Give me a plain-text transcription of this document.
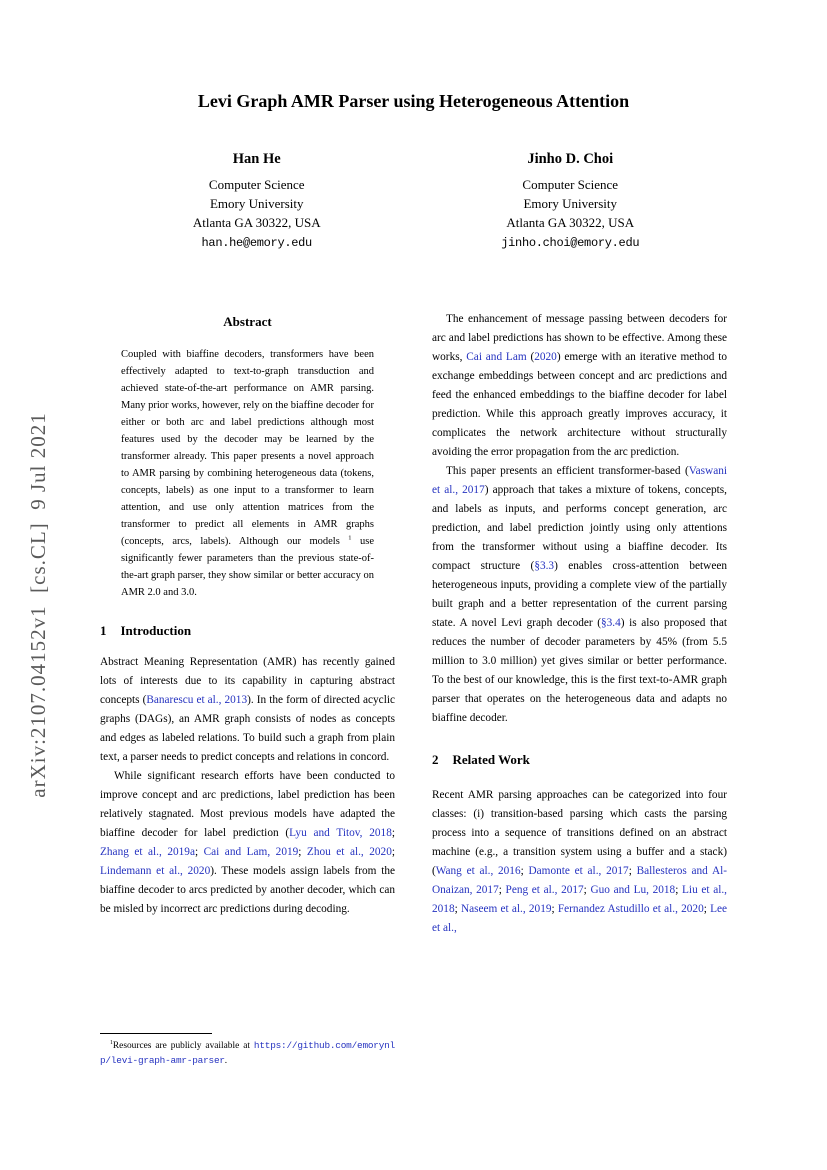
arXiv:2107.04152v1  [cs.CL]  9 Jul 2021
Levi Graph AMR Parser using Heterogeneous Attention
Han He
Computer Science
Emory University
Atlanta GA 30322, USA
han.he@emory.edu
Jinho D. Choi
Computer Science
Emory University
Atlanta GA 30322, USA
jinho.choi@emory.edu
Abstract
Coupled with biaffine decoders, transformers have been effectively adapted to text-to-graph transduction and achieved state-of-the-art performance on AMR parsing. Many prior works, however, rely on the biaffine decoder for either or both arc and label predictions although most features used by the decoder may be learned by the transformer already. This paper presents a novel approach to AMR parsing by combining heterogeneous data (tokens, concepts, labels) as one input to a transformer to learn attention, and use only attention matrices from the transformer to predict all elements in AMR graphs (concepts, arcs, labels). Although our models $^1$ use significantly fewer parameters than the previous state-of-the-art graph parser, they show similar or better accuracy on AMR 2.0 and 3.0.
1 Introduction
Abstract Meaning Representation (AMR) has recently gained lots of interests due to its capability in capturing abstract concepts (Banarescu et al., 2013). In the form of directed acyclic graphs (DAGs), an AMR graph consists of nodes as concepts and edges as labeled relations. To build such a graph from plain text, a parser needs to predict concepts and relations in concord.
While significant research efforts have been conducted to improve concept and arc predictions, label prediction has been relatively stagnated. Most previous models have adapted the biaffine decoder for label prediction (Lyu and Titov, 2018; Zhang et al., 2019a; Cai and Lam, 2019; Zhou et al., 2020; Lindemann et al., 2020). These models assign labels from the biaffine decoder to arcs predicted by another decoder, which can be misled by incorrect arc predictions during decoding.
$^1$Resources are publicly available at https://github.com/emorynlp/levi-graph-amr-parser.
The enhancement of message passing between decoders for arc and label predictions has shown to be effective. Among these works, Cai and Lam (2020) emerge with an iterative method to exchange embeddings between concept and arc predictions and feed the enhanced embeddings to the biaffine decoder for label prediction. While this approach greatly improves accuracy, it complicates the network architecture without structurally avoiding the error propagation from the arc prediction.
This paper presents an efficient transformer-based (Vaswani et al., 2017) approach that takes a mixture of tokens, concepts, and labels as inputs, and performs concept generation, arc prediction, and label prediction jointly using only attentions from the transformer without using a biaffine decoder. Its compact structure (§3.3) enables cross-attention between heterogeneous inputs, providing a complete view of the partially built graph and a better representation of the current parsing state. A novel Levi graph decoder (§3.4) is also proposed that reduces the number of decoder parameters by 45% (from 5.5 million to 3.0 million) yet gives similar or better performance. To the best of our knowledge, this is the first text-to-AMR graph parser that operates on the heterogeneous data and adapts no biaffine decoder.
2 Related Work
Recent AMR parsing approaches can be categorized into four classes: (i) transition-based parsing which casts the parsing process into a sequence of transitions defined on an abstract machine (e.g., a transition system using a buffer and a stack) (Wang et al., 2016; Damonte et al., 2017; Ballesteros and Al-Onaizan, 2017; Peng et al., 2017; Guo and Lu, 2018; Liu et al., 2018; Naseem et al., 2019; Fernandez Astudillo et al., 2020; Lee et al.,
